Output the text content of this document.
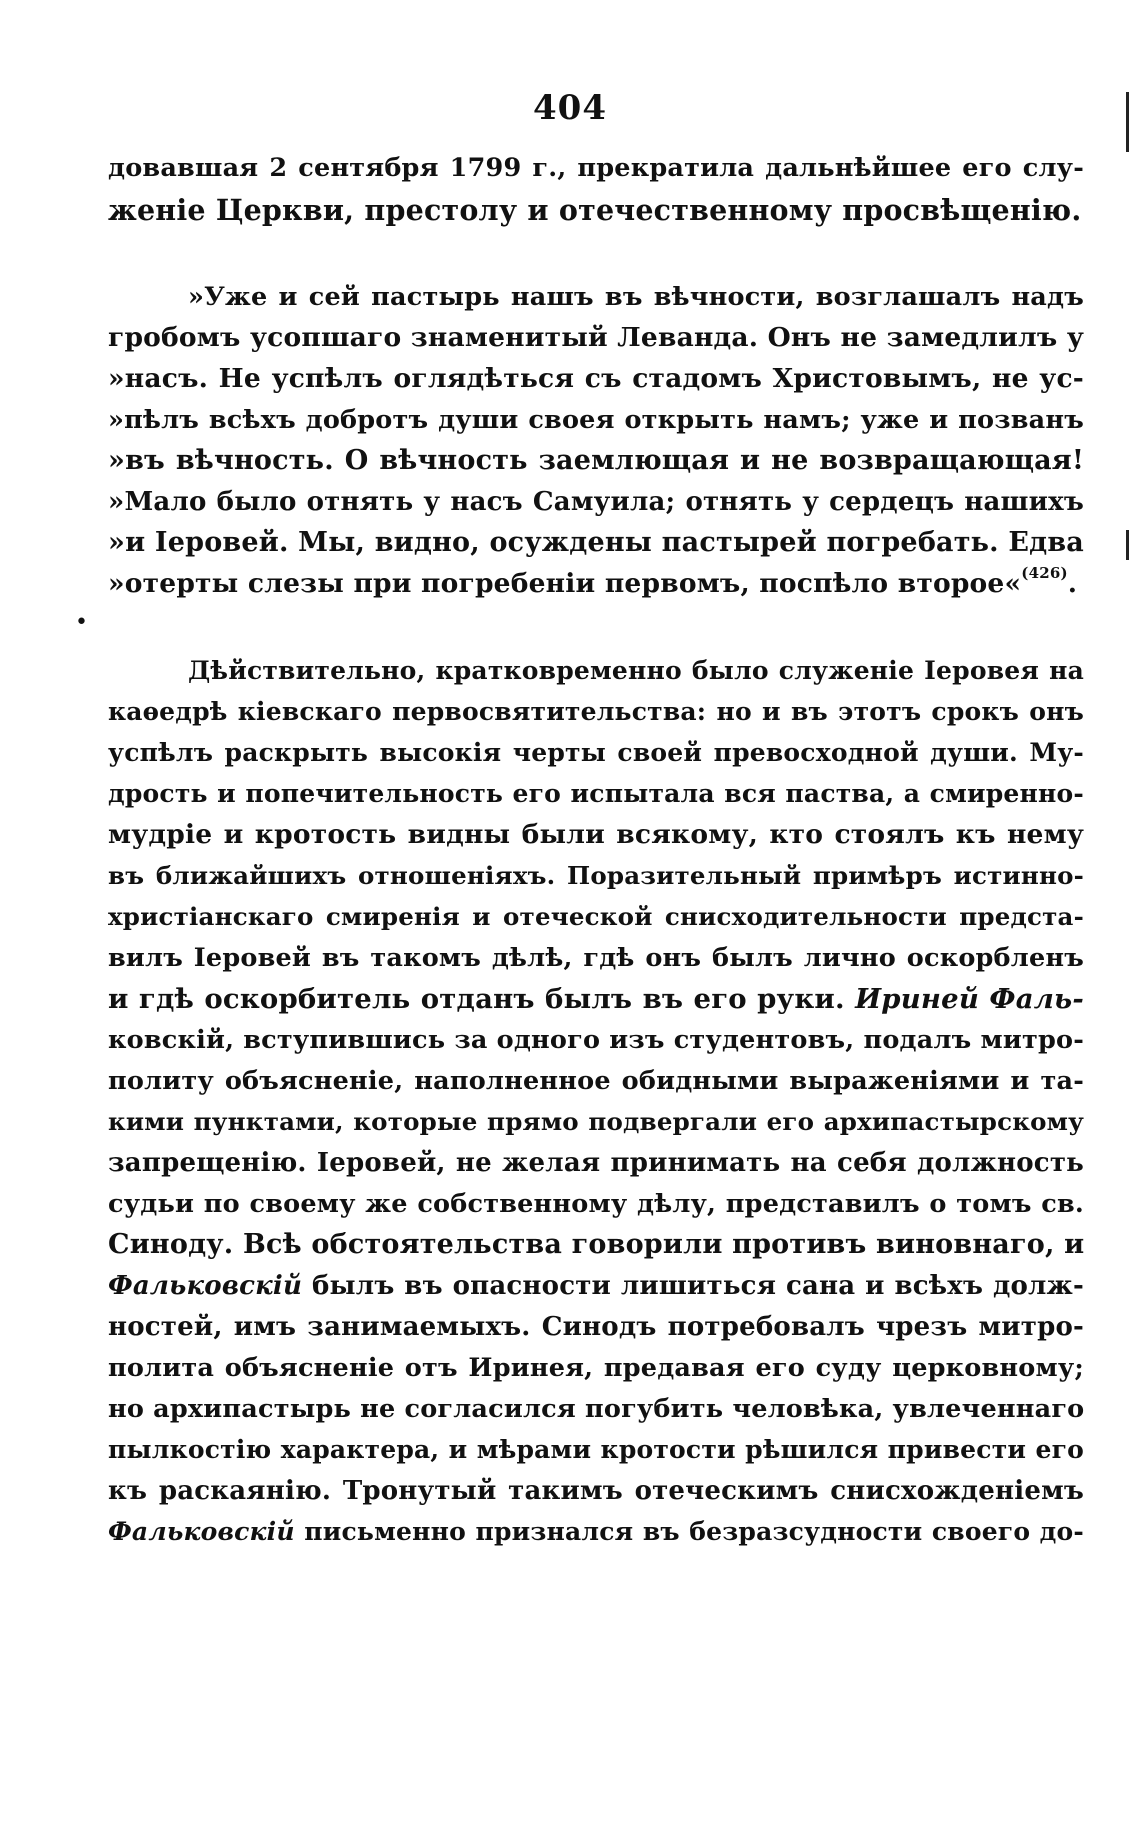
404
•
довавшая 2 сентября 1799 г., прекратила дальнѣйшее его слу-
женіе Церкви, престолу и отечественному просвѣщенію.
»Уже и сей пастырь нашъ въ вѣчности, возглашалъ надъ
гробомъ усопшаго знаменитый Леванда. Онъ не замедлилъ у
»насъ. Не успѣлъ оглядѣться съ стадомъ Христовымъ, не ус-
»пѣлъ всѣхъ добротъ души своея открыть намъ; уже и позванъ
»въ вѣчность. О вѣчность заемлющая и не возвращающая!
»Мало было отнять у насъ Самуила; отнять у сердецъ нашихъ
»и Іеровей. Мы, видно, осуждены пастырей погребать. Едва
»отерты слезы при погребеніи первомъ, поспѣло второе«$^{(426)}$.
Дѣйствительно, кратковременно было служеніе Іеровея на
каѳедрѣ кіевскаго первосвятительства: но и въ этотъ срокъ онъ
успѣлъ раскрыть высокія черты своей превосходной души. Му-
дрость и попечительность его испытала вся паства, а смиренно-
мудріе и кротость видны были всякому, кто стоялъ къ нему
въ ближайшихъ отношеніяхъ. Поразительный примѣръ истинно-
христіанскаго смиренія и отеческой снисходительности предста-
вилъ Іеровей въ такомъ дѣлѣ, гдѣ онъ былъ лично оскорбленъ
и гдѣ оскорбитель отданъ былъ въ его руки. Ириней Фаль-
ковскій, вступившись за одного изъ студентовъ, подалъ митро-
политу объясненіе, наполненное обидными выраженіями и та-
кими пунктами, которые прямо подвергали его архипастырскому
запрещенію. Іеровей, не желая принимать на себя должность
судьи по своему же собственному дѣлу, представилъ о томъ св.
Синоду. Всѣ обстоятельства говорили противъ виновнаго, и
Фальковскій былъ въ опасности лишиться сана и всѣхъ долж-
ностей, имъ занимаемыхъ. Синодъ потребовалъ чрезъ митро-
полита объясненіе отъ Иринея, предавая его суду церковному;
но архипастырь не согласился погубить человѣка, увлеченнаго
пылкостію характера, и мѣрами кротости рѣшился привести его
къ раскаянію. Тронутый такимъ отеческимъ снисхожденіемъ
Фальковскій письменно признался въ безразсудности своего до-
